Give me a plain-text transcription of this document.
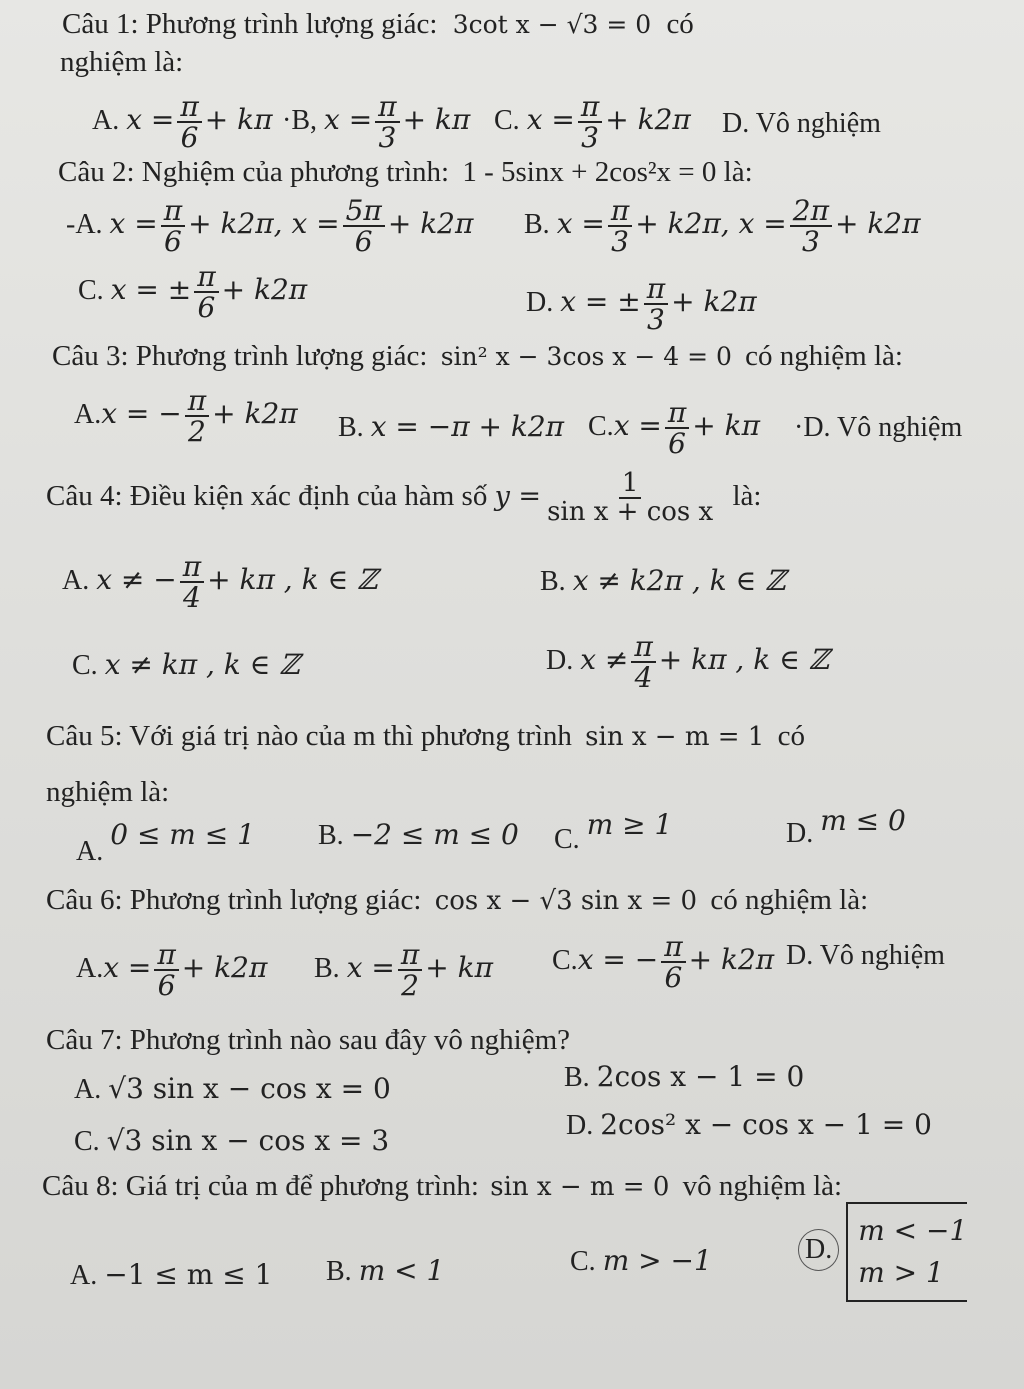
Câu 1: Phương trình lượng giác: 3cot x − √3 = 0 có
nghiệm là:
A. $x = \frac{\pi}{6} + k\pi \cdot B$, $x = \frac{\pi}{3} + k\pi$ C. $x = \frac{\pi}{3} + k2\pi$ D. Vô nghiệm
Câu 2: Nghiệm của phương trình: 1 - 5sinx + 2cos²x = 0 là:
-A. $x = \frac{\pi}{6} + k2\pi$, $x = \frac{5\pi}{6} + k2\pi$ B. $x = \frac{\pi}{3} + k2\pi$, $x = \frac{2\pi}{3} + k2\pi$
C. x = ± $\frac{\pi}{6} + k2\pi$	D. x = ± $\frac{\pi}{3} + k2\pi$
Câu 3: Phương trình lượng giác: sin² x − 3cos x − 4 = 0 có nghiệm là:
A.x = − $\frac{\pi}{2} + k2\pi$ B. x = −π + k2π $C.x = \frac{\pi}{6} + k\pi \cdot D$. Vô nghiệm
Câu 4: Điều kiện xác định của hàm số $y = \frac{1}{\text{sin x + cos x}}$ là:
A. x ≠ − $\frac{\pi}{4} + k\pi$ , k ∈ ℤ	B. x ≠ k2π , k ∈ ℤ
C. x ≠ kπ , k ∈ ℤ	D. $x \ne \frac{\pi}{4} + k\pi$ , k ∈ ℤ
Câu 5: Với giá trị nào của m thì phương trình sin x − m = 1 có
nghiệm là:
A. 0 ≤ m ≤ 1 B. −2 ≤ m ≤ 0 C. m ≥ 1	D. m ≤ 0
Câu 6: Phương trình lượng giác: cos x − √3 sin x = 0 có nghiệm là:
$A.x = \frac{\pi}{6} + k2\pi$ B. $x = \frac{\pi}{2} + k\pi$ C.x = − $\frac{\pi}{6} + k2\pi$ D. Vô nghiệm
Câu 7: Phương trình nào sau đây vô nghiệm?
A. √3 sin x − cos x = 0	B. 2cos x − 1 = 0
C. √3 sin x − cos x = 3	D. 2cos² x − cos x − 1 = 0
Câu 8: Giá trị của m để phương trình: sin x − m = 0 vô nghiệm là:
A. −1 ≤ m ≤ 1 B. m < 1	C. m > −1	D.
m < −1
m > 1
